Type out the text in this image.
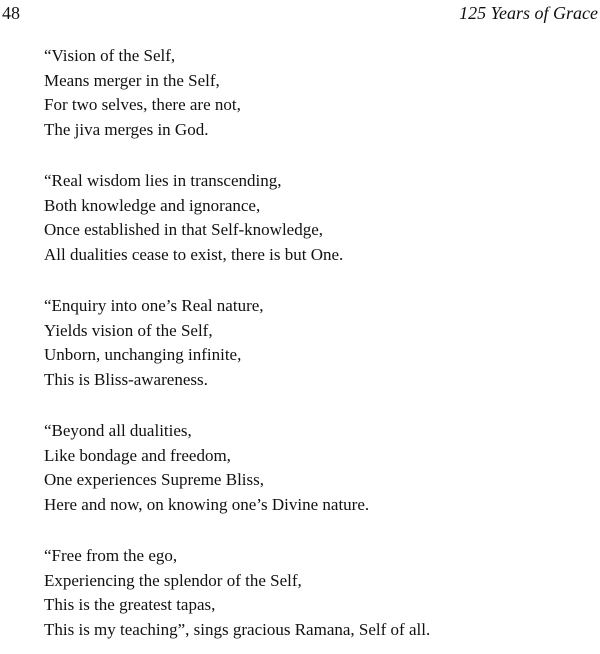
48	125 Years of Grace
“Vision of the Self,
Means merger in the Self,
For two selves, there are not,
The jiva merges in God.
“Real wisdom lies in transcending,
Both knowledge and ignorance,
Once established in that Self-knowledge,
All dualities cease to exist, there is but One.
“Enquiry into one’s Real nature,
Yields vision of the Self,
Unborn, unchanging infinite,
This is Bliss-awareness.
“Beyond all dualities,
Like bondage and freedom,
One experiences Supreme Bliss,
Here and now, on knowing one’s Divine nature.
“Free from the ego,
Experiencing the splendor of the Self,
This is the greatest tapas,
This is my teaching”, sings gracious Ramana, Self of all.
